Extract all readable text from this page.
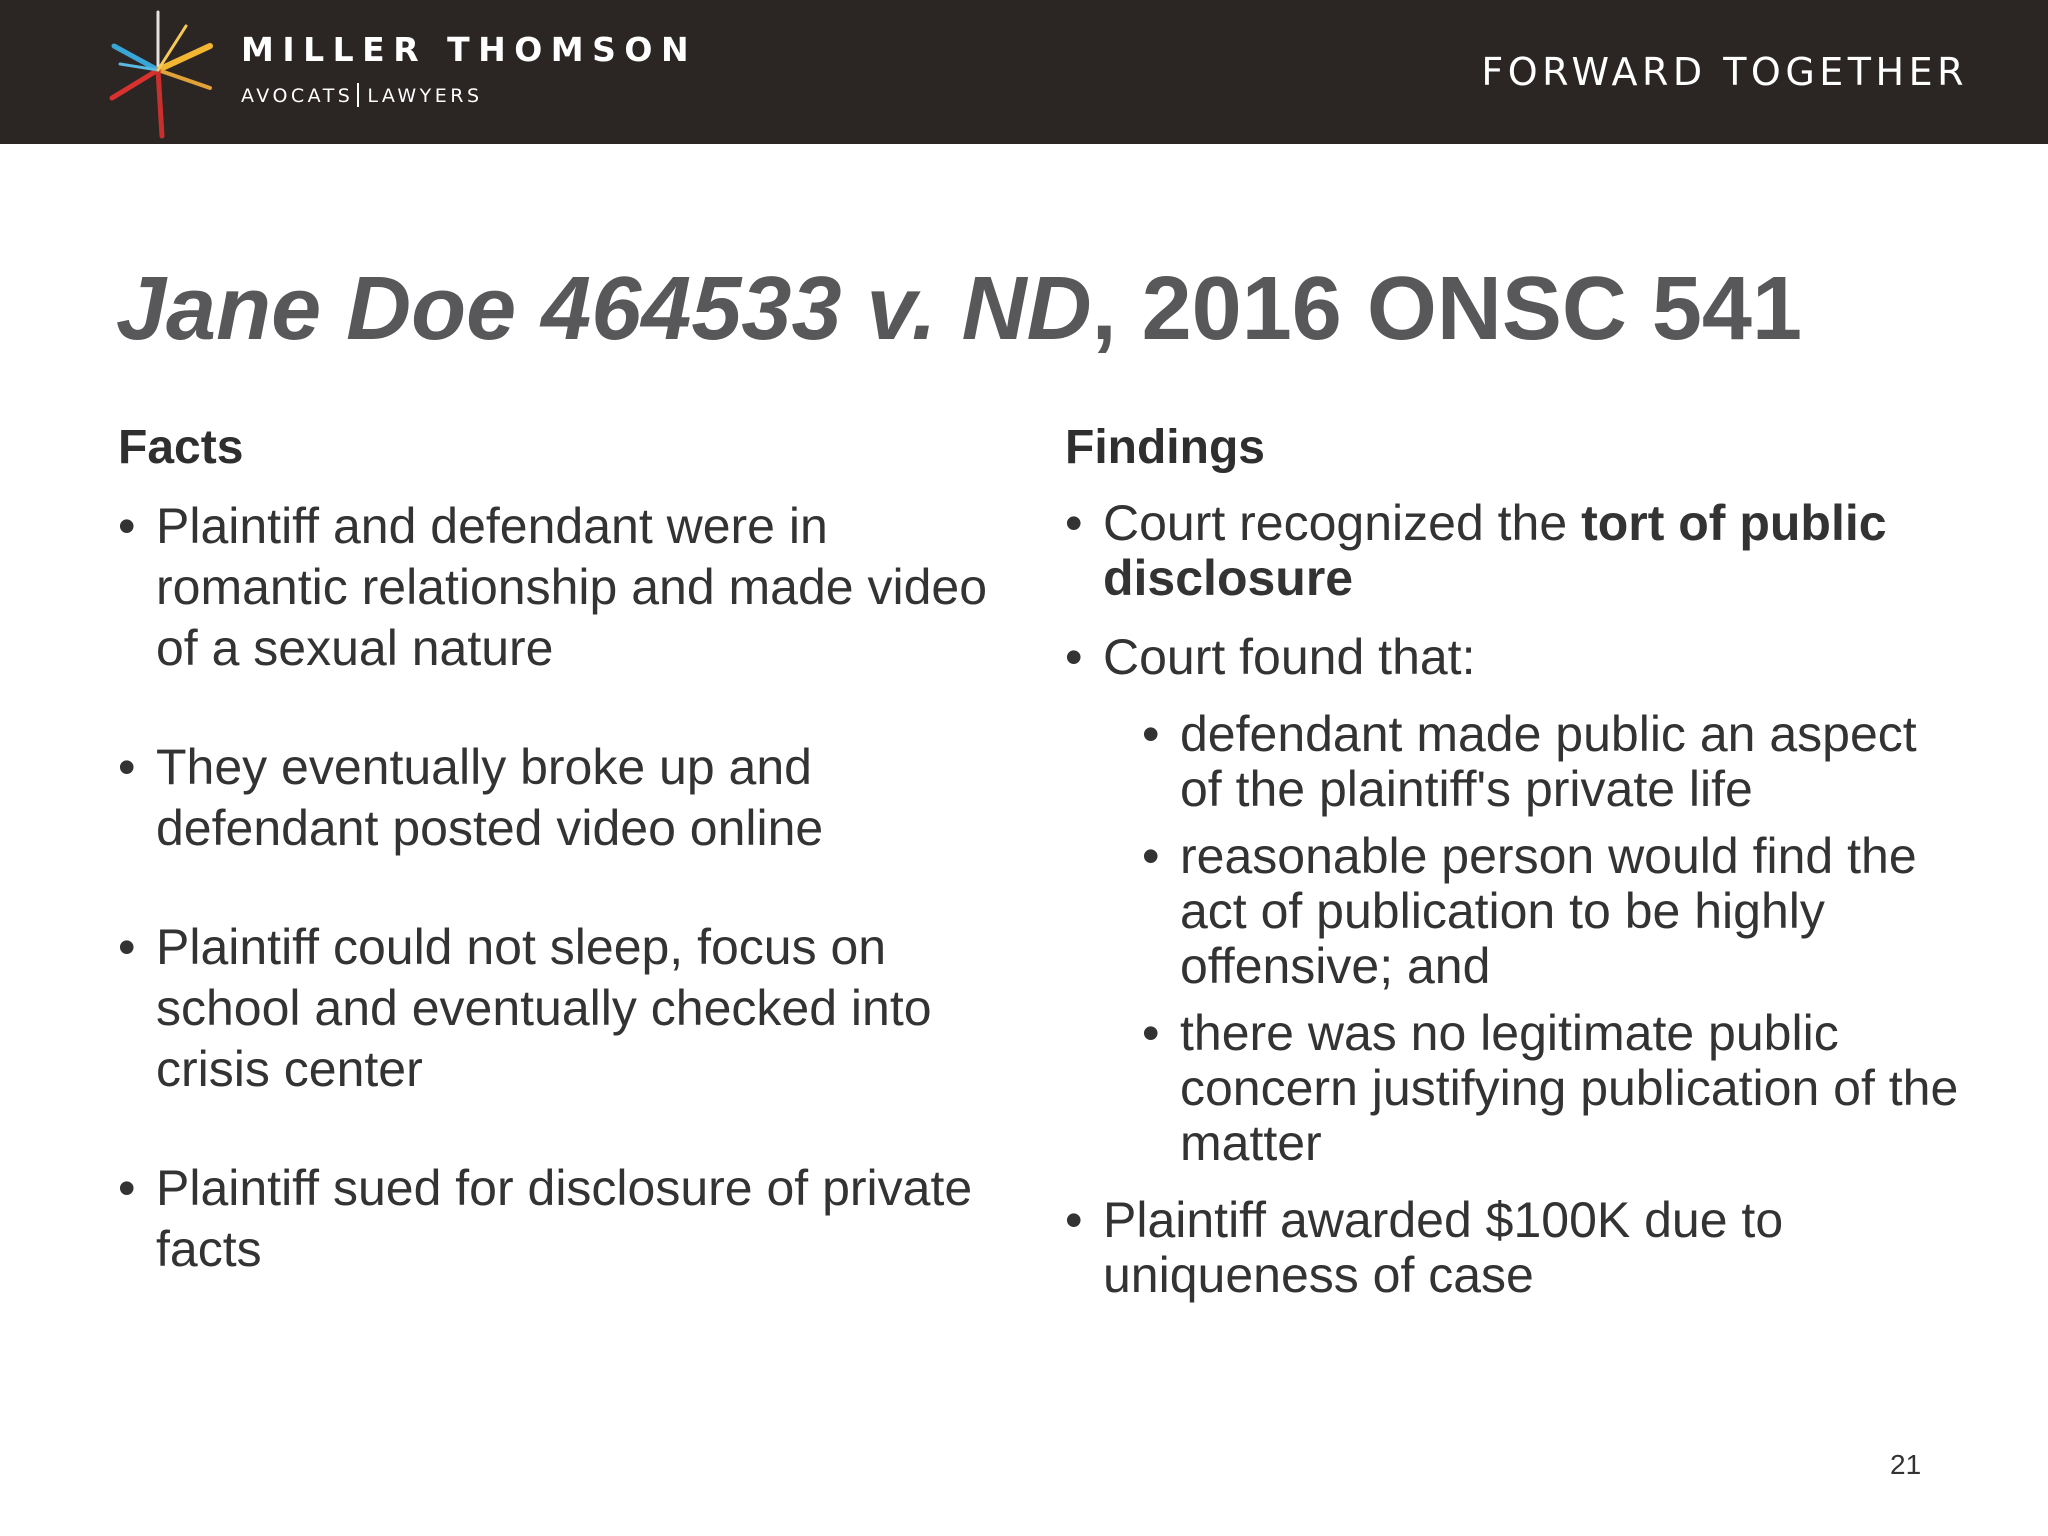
MILLER THOMSON
AVOCATS LAWYERS
FORWARD TOGETHER
Jane Doe 464533 v. ND, 2016 ONSC 541
Facts
• Plaintiff and defendant were in romantic relationship and made video of a sexual nature
• They eventually broke up and defendant posted video online
• Plaintiff could not sleep, focus on school and eventually checked into crisis center
• Plaintiff sued for disclosure of private facts
Findings
• Court recognized the tort of public disclosure
• Court found that:
• defendant made public an aspect of the plaintiff's private life
• reasonable person would find the act of publication to be highly offensive; and
• there was no legitimate public concern justifying publication of the matter
• Plaintiff awarded $100K due to uniqueness of case
21
